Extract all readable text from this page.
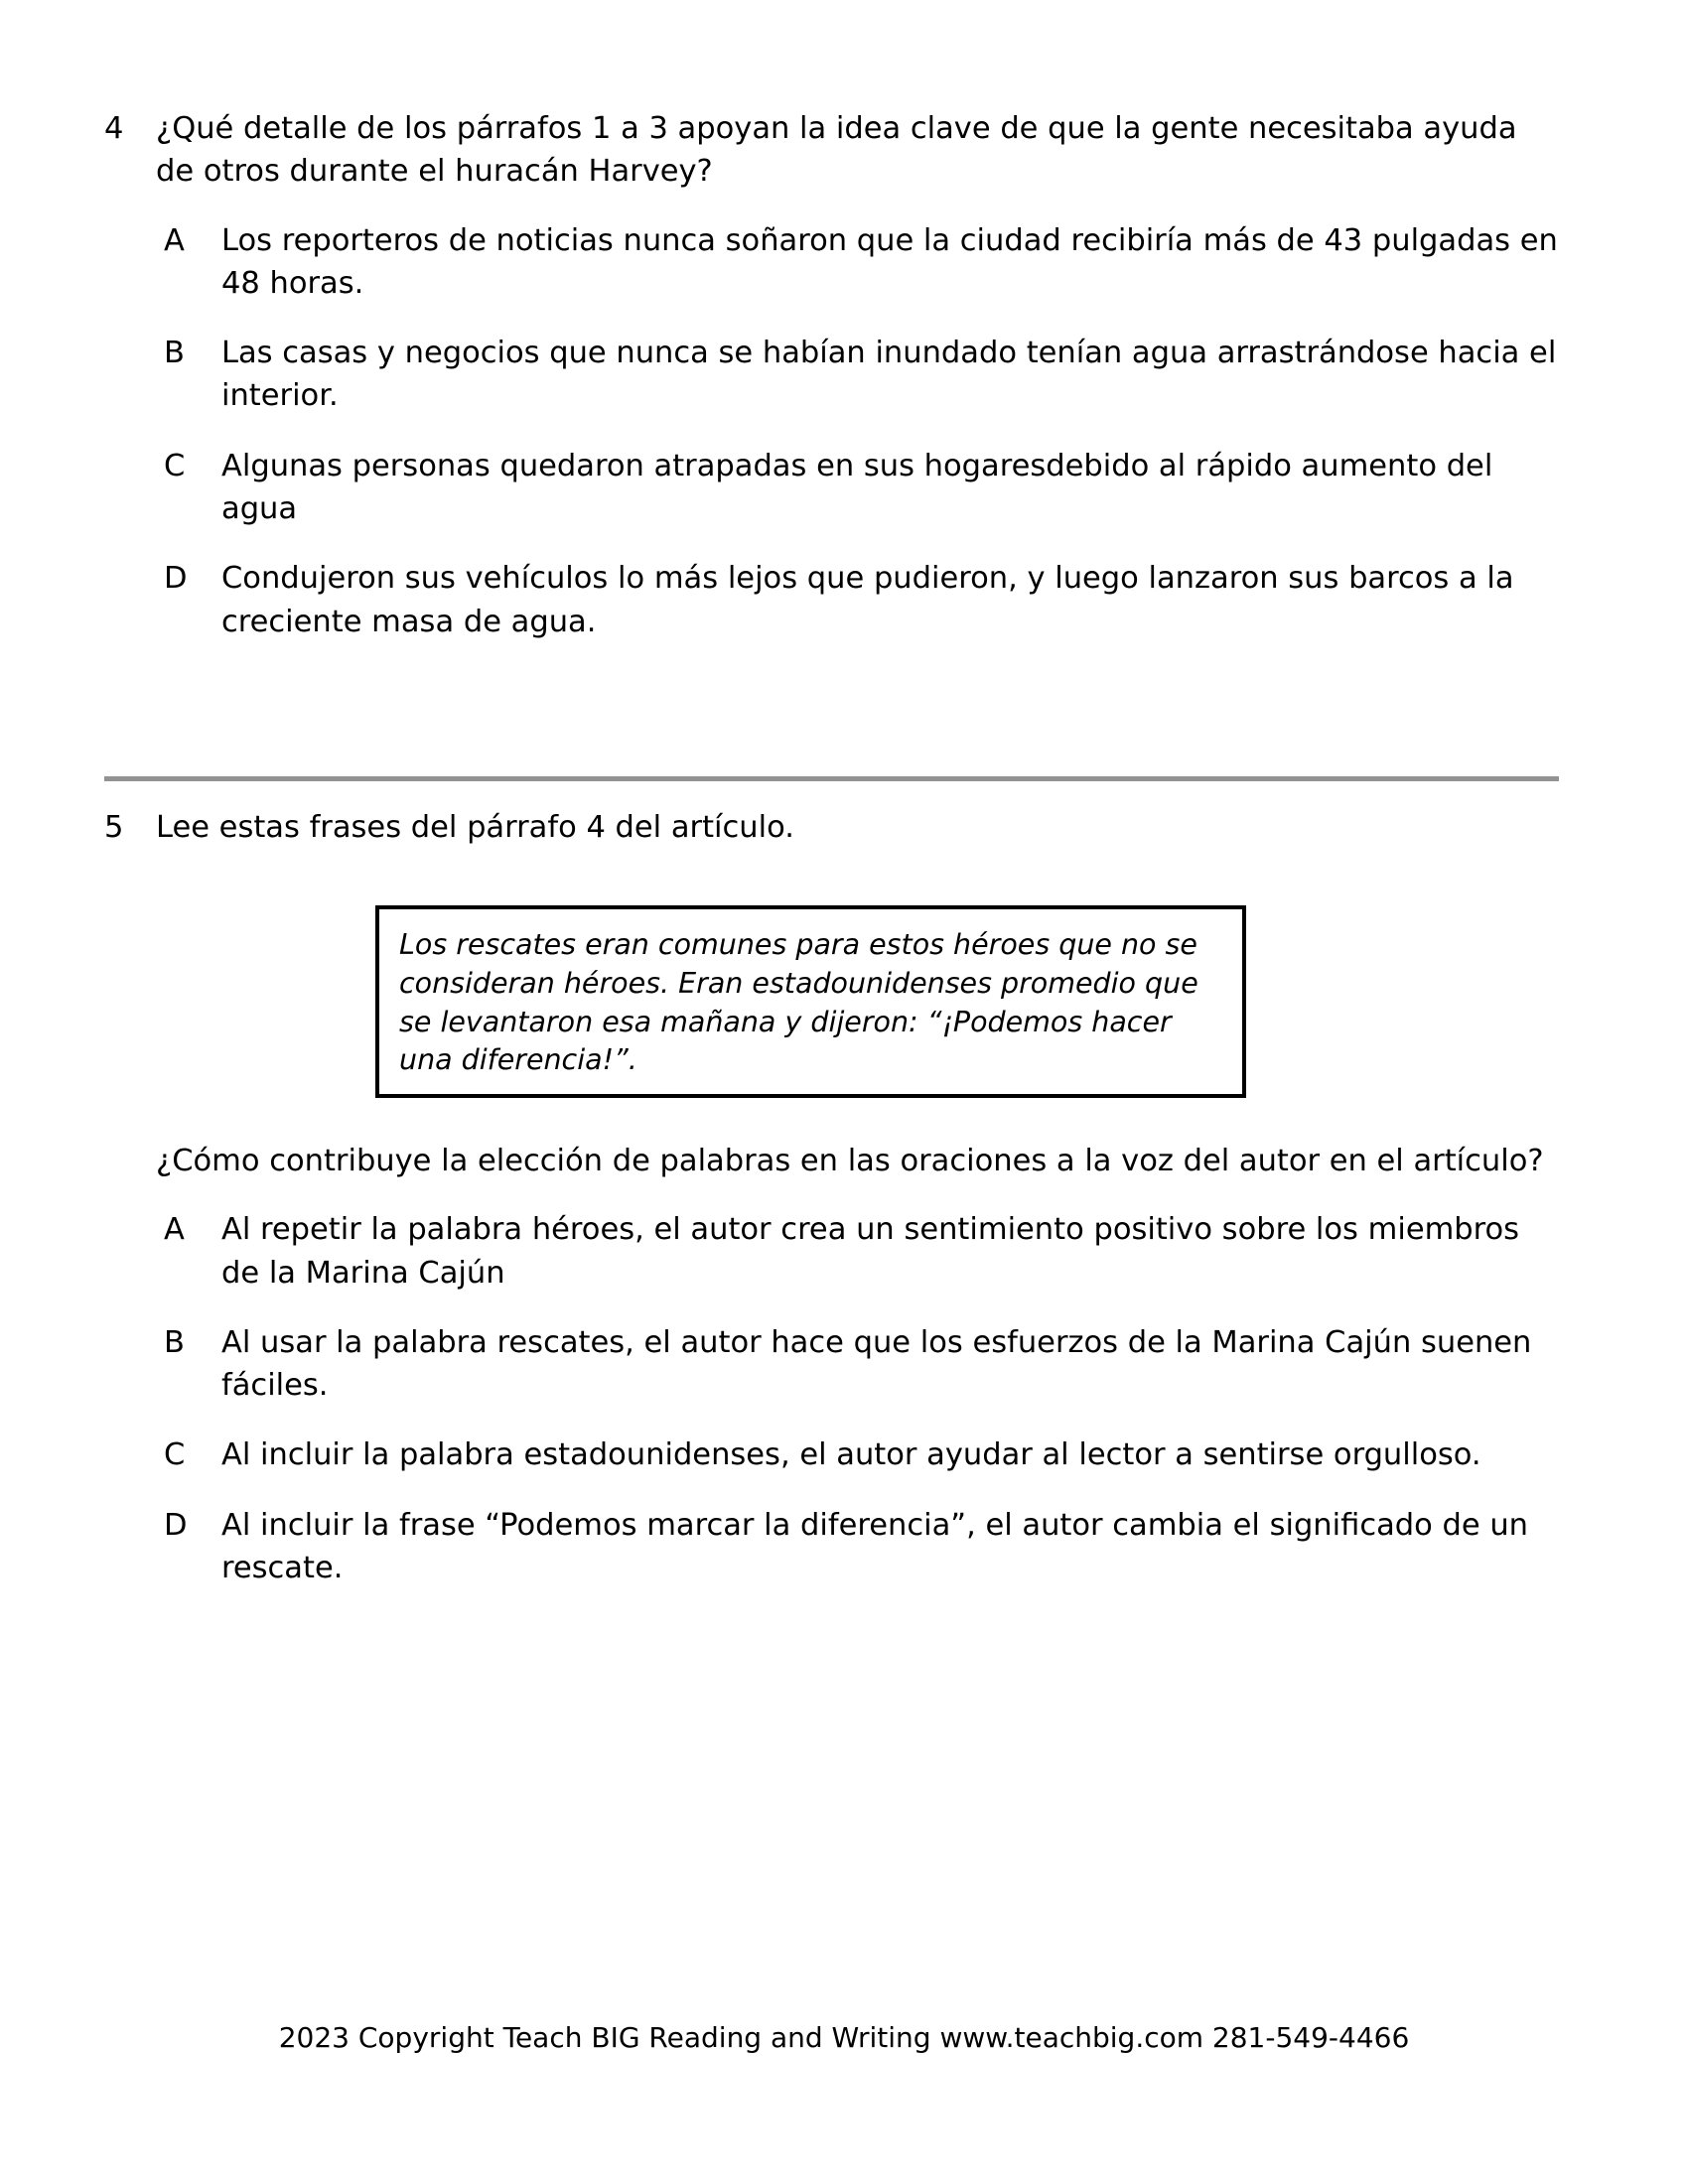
4	¿Qué detalle de los párrafos 1 a 3 apoyan la idea clave de que la gente necesitaba ayuda de otros durante el huracán Harvey?
A	Los reporteros de noticias nunca soñaron que la ciudad recibiría más de 43 pulgadas en 48 horas.
B	Las casas y negocios que nunca se habían inundado tenían agua arrastrándose hacia el interior.
C	Algunas personas quedaron atrapadas en sus hogaresdebido al rápido aumento del agua
D	Condujeron sus vehículos lo más lejos que pudieron, y luego lanzaron sus barcos a la creciente masa de agua.
5	Lee estas frases del párrafo 4 del artículo.
Los rescates eran comunes para estos héroes que no se consideran héroes. Eran estadounidenses promedio que se levantaron esa mañana y dijeron: “¡Podemos hacer una diferencia!”.
¿Cómo contribuye la elección de palabras en las oraciones a la voz del autor en el artículo?
A	Al repetir la palabra héroes, el autor crea un sentimiento positivo sobre los miembros de la Marina Cajún
B	Al usar la palabra rescates, el autor hace que los esfuerzos de la Marina Cajún suenen fáciles.
C	Al incluir la palabra estadounidenses, el autor ayudar al lector a sentirse orgulloso.
D	Al incluir la frase “Podemos marcar la diferencia”, el autor cambia el significado de un rescate.
2023 Copyright Teach BIG Reading and Writing www.teachbig.com 281-549-4466
